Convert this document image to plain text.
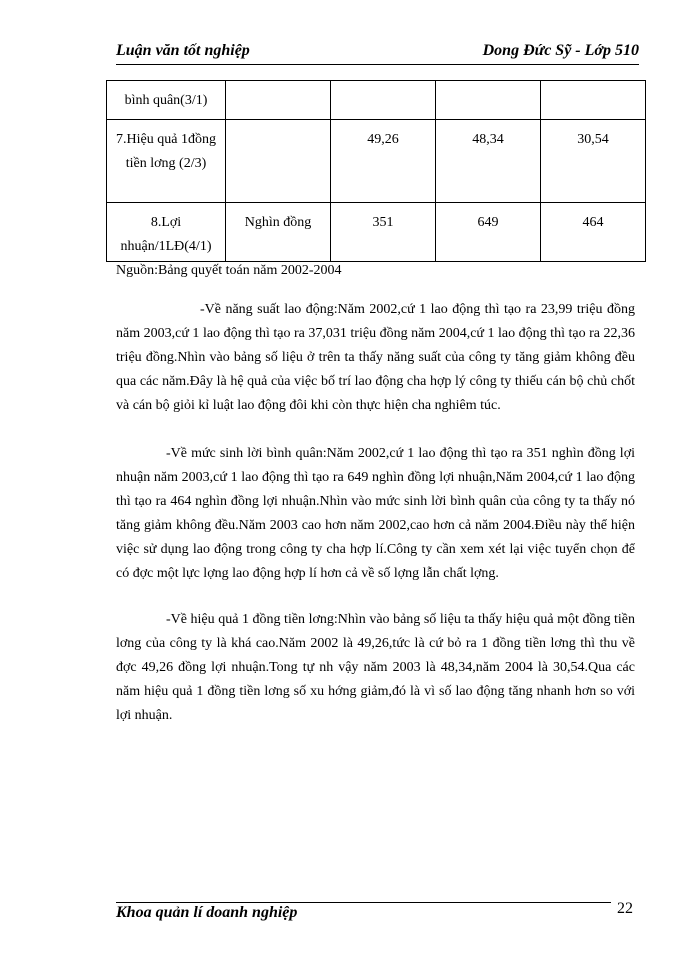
Luận văn tốt nghiệp	Dong Đức Sỹ - Lớp 510
bình quân(3/1)				
7.Hiệu quả 1đồng tiền lơng (2/3)		49,26	48,34	30,54
8.Lợi nhuận/1LĐ(4/1)	Nghìn đồng	351	649	464
Nguồn:Bảng quyết toán năm 2002-2004

-Về năng suất lao động:Năm 2002,cứ 1 lao động thì tạo ra 23,99 triệu đồng năm 2003,cứ 1 lao động thì tạo ra 37,031 triệu đồng năm 2004,cứ 1 lao động thì tạo ra 22,36 triệu đồng.Nhìn vào bảng số liệu ở trên ta thấy năng suất của công ty tăng giảm không đều qua các năm.Đây là hệ quả của việc bố trí lao động cha hợp lý công ty thiếu cán bộ chủ chốt và cán bộ giỏi kỉ luật lao động đôi khi còn thực hiện cha nghiêm túc.

-Về mức sinh lời bình quân:Năm 2002,cứ 1 lao động thì tạo ra 351 nghìn đồng lợi nhuận năm 2003,cứ 1 lao động thì tạo ra 649 nghìn đồng lợi nhuận,Năm 2004,cứ 1 lao động thì tạo ra 464 nghìn đồng lợi nhuận.Nhìn vào mức sinh lời bình quân của công ty ta thấy nó tăng giảm không đều.Năm 2003 cao hơn năm 2002,cao hơn cả năm 2004.Điều này thể hiện việc sử dụng lao động trong công ty cha hợp lí.Công ty cần xem xét lại việc tuyển chọn để có đợc một lực lợng lao động hợp lí hơn cả về số lợng lẫn chất lợng.

-Về hiệu quả 1 đồng tiền lơng:Nhìn vào bảng số liệu ta thấy hiệu quả một đồng tiền lơng của công ty là khá cao.Năm 2002 là 49,26,tức là cứ bỏ ra 1 đồng tiền lơng thì thu về đợc 49,26 đồng lợi nhuận.Tong tự nh vậy năm 2003 là 48,34,năm 2004 là 30,54.Qua các năm hiệu quả 1 đồng tiền lơng số xu hớng giảm,đó là vì số lao động tăng nhanh hơn so với lợi nhuận.

Khoa quản lí doanh nghiệp	22
